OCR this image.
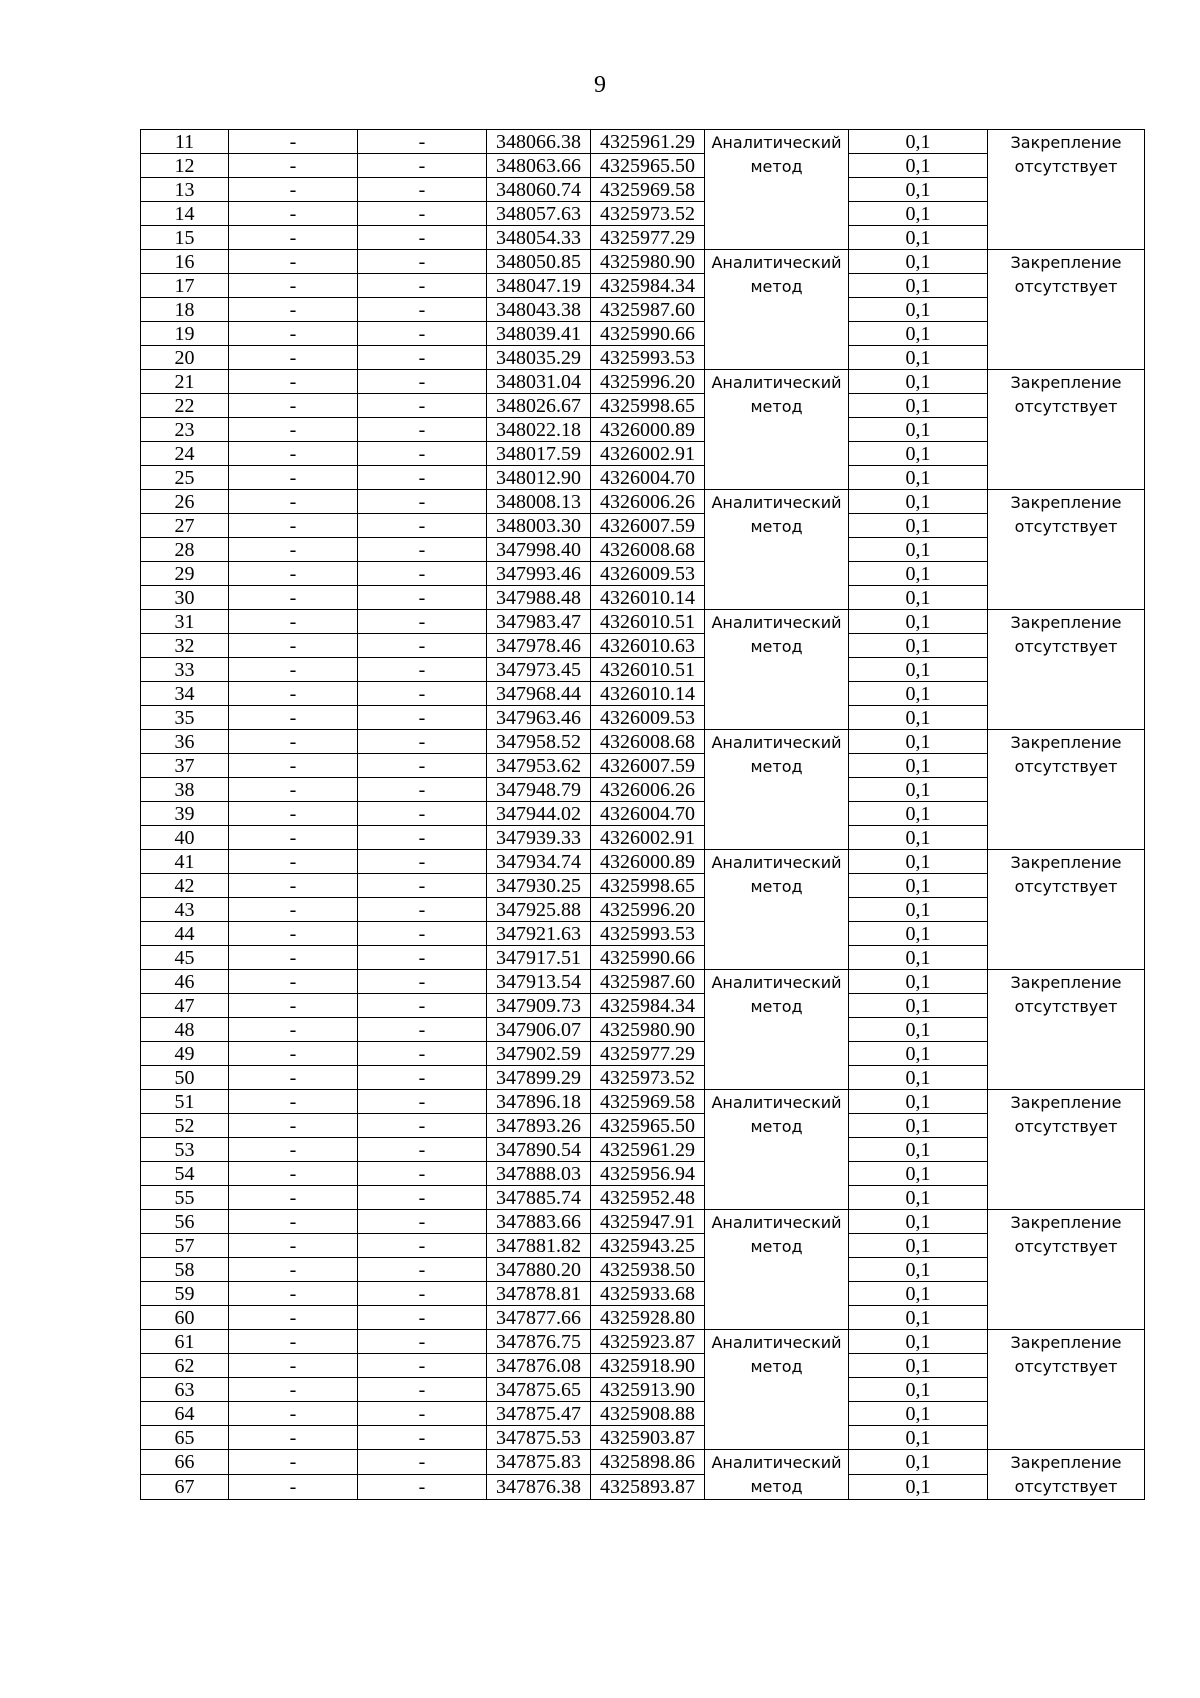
9
11	-	-	348066.38	4325961.29	Аналитический метод	0,1	Закрепление отсутствует
12	-	-	348063.66	4325965.50		0,1	
13	-	-	348060.74	4325969.58		0,1	
14	-	-	348057.63	4325973.52		0,1	
15	-	-	348054.33	4325977.29		0,1	
16	-	-	348050.85	4325980.90	Аналитический метод	0,1	Закрепление отсутствует
17	-	-	348047.19	4325984.34		0,1	
18	-	-	348043.38	4325987.60		0,1	
19	-	-	348039.41	4325990.66		0,1	
20	-	-	348035.29	4325993.53		0,1	
21	-	-	348031.04	4325996.20	Аналитический метод	0,1	Закрепление отсутствует
22	-	-	348026.67	4325998.65		0,1	
23	-	-	348022.18	4326000.89		0,1	
24	-	-	348017.59	4326002.91		0,1	
25	-	-	348012.90	4326004.70		0,1	
26	-	-	348008.13	4326006.26	Аналитический метод	0,1	Закрепление отсутствует
27	-	-	348003.30	4326007.59		0,1	
28	-	-	347998.40	4326008.68		0,1	
29	-	-	347993.46	4326009.53		0,1	
30	-	-	347988.48	4326010.14		0,1	
31	-	-	347983.47	4326010.51	Аналитический метод	0,1	Закрепление отсутствует
32	-	-	347978.46	4326010.63		0,1	
33	-	-	347973.45	4326010.51		0,1	
34	-	-	347968.44	4326010.14		0,1	
35	-	-	347963.46	4326009.53		0,1	
36	-	-	347958.52	4326008.68	Аналитический метод	0,1	Закрепление отсутствует
37	-	-	347953.62	4326007.59		0,1	
38	-	-	347948.79	4326006.26		0,1	
39	-	-	347944.02	4326004.70		0,1	
40	-	-	347939.33	4326002.91		0,1	
41	-	-	347934.74	4326000.89	Аналитический метод	0,1	Закрепление отсутствует
42	-	-	347930.25	4325998.65		0,1	
43	-	-	347925.88	4325996.20		0,1	
44	-	-	347921.63	4325993.53		0,1	
45	-	-	347917.51	4325990.66		0,1	
46	-	-	347913.54	4325987.60	Аналитический метод	0,1	Закрепление отсутствует
47	-	-	347909.73	4325984.34		0,1	
48	-	-	347906.07	4325980.90		0,1	
49	-	-	347902.59	4325977.29		0,1	
50	-	-	347899.29	4325973.52		0,1	
51	-	-	347896.18	4325969.58	Аналитический метод	0,1	Закрепление отсутствует
52	-	-	347893.26	4325965.50		0,1	
53	-	-	347890.54	4325961.29		0,1	
54	-	-	347888.03	4325956.94		0,1	
55	-	-	347885.74	4325952.48		0,1	
56	-	-	347883.66	4325947.91	Аналитический метод	0,1	Закрепление отсутствует
57	-	-	347881.82	4325943.25		0,1	
58	-	-	347880.20	4325938.50		0,1	
59	-	-	347878.81	4325933.68		0,1	
60	-	-	347877.66	4325928.80		0,1	
61	-	-	347876.75	4325923.87	Аналитический метод	0,1	Закрепление отсутствует
62	-	-	347876.08	4325918.90		0,1	
63	-	-	347875.65	4325913.90		0,1	
64	-	-	347875.47	4325908.88		0,1	
65	-	-	347875.53	4325903.87		0,1	
66	-	-	347875.83	4325898.86	Аналитический метод	0,1	Закрепление отсутствует
67	-	-	347876.38	4325893.87		0,1	
